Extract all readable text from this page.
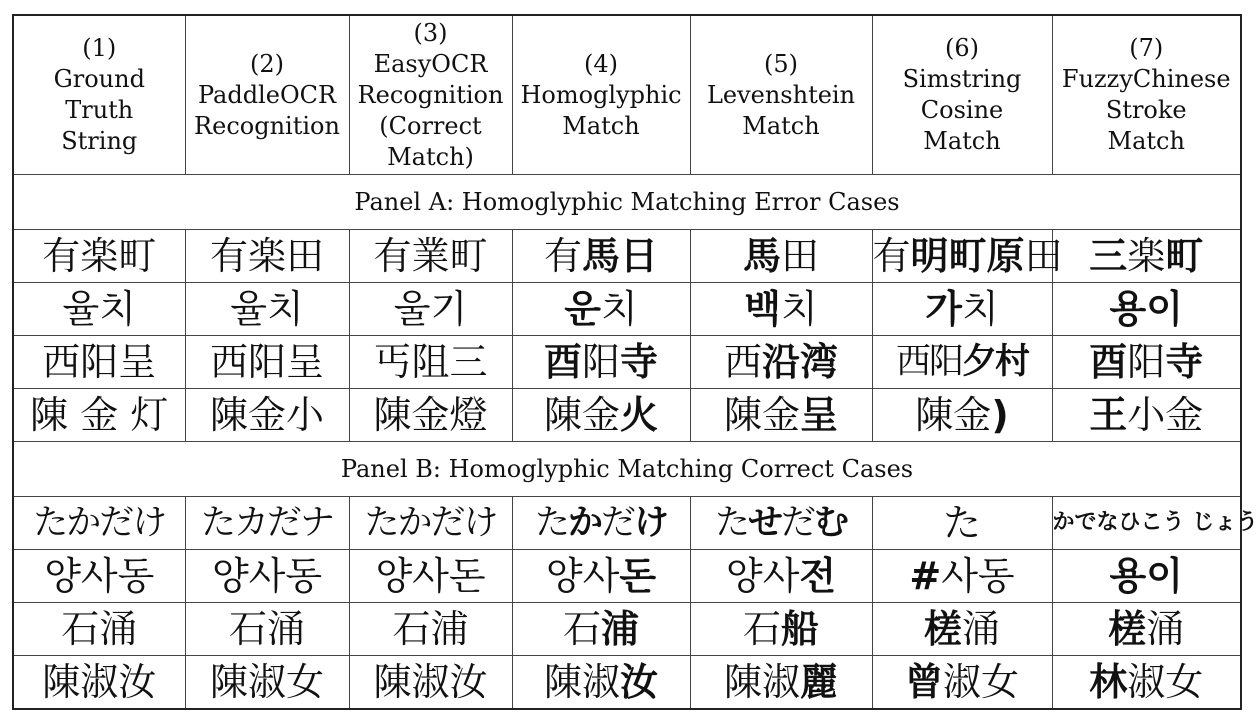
(1)
Ground
Truth
String	(2)
PaddleOCR
Recognition	(3)
EasyOCR
Recognition
(Correct
Match)	(4)
Homoglyphic
Match	(5)
Levenshtein
Match	(6)
Simstring
Cosine
Match	(7)
FuzzyChinese
Stroke
Match

Panel A: Homoglyphic Matching Error Cases						
有楽町	有楽田	有業町	有馬日	馬田	有明町原田	三楽町
율치	율치	울기	운치	백치	가치	용이
西阳呈	西阳呈	丐阻三	酉阳寺	西沿湾	西阳夕村	酉阳寺
陳 金 灯	陳金小	陳金燈	陳金火	陳金呈	陳金)	王小金
Panel B: Homoglyphic Matching Correct Cases						
たかだけ	たカだナ	たかだけ	たかだけ	たせだむ	た	かでなひこう じょう
양사동	양사동	양사돈	양사돈	양사전	#사동	용이
石涌	石涌	石浦	石浦	石船	槎涌	槎涌
陳淑汝	陳淑女	陳淑汝	陳淑汝	陳淑麗	曾淑女	林淑女
